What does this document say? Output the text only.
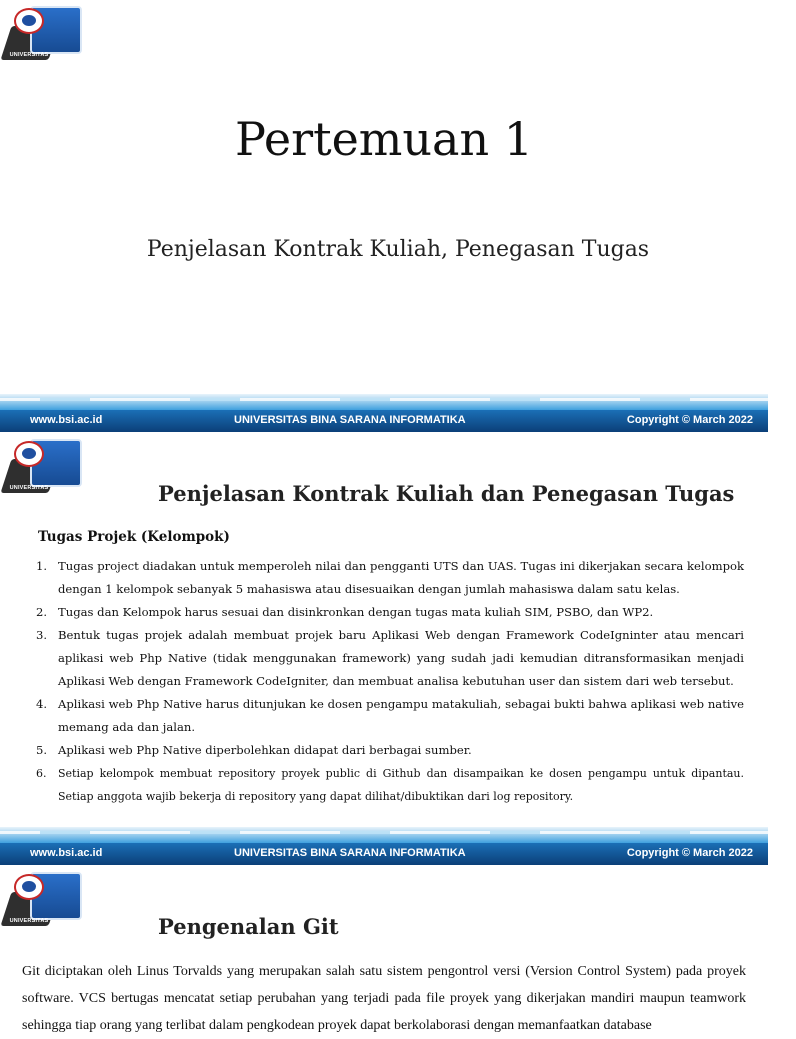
UNIVERSITAS
Pertemuan 1
Penjelasan Kontrak Kuliah, Penegasan Tugas
www.bsi.ac.id	UNIVERSITAS BINA SARANA INFORMATIKA	Copyright © March 2022
UNIVERSITAS	Penjelasan Kontrak Kuliah dan Penegasan Tugas
Tugas Projek (Kelompok)
1. Tugas project diadakan untuk memperoleh nilai dan pengganti UTS dan UAS. Tugas ini dikerjakan secara kelompok dengan 1 kelompok sebanyak 5 mahasiswa atau disesuaikan dengan jumlah mahasiswa dalam satu kelas.
2. Tugas dan Kelompok harus sesuai dan disinkronkan dengan tugas mata kuliah SIM, PSBO, dan WP2.
3. Bentuk tugas projek adalah membuat projek baru Aplikasi Web dengan Framework CodeIgninter atau mencari aplikasi web Php Native (tidak menggunakan framework) yang sudah jadi kemudian ditransformasikan menjadi Aplikasi Web dengan Framework CodeIgniter, dan membuat analisa kebutuhan user dan sistem dari web tersebut.
4. Aplikasi web Php Native harus ditunjukan ke dosen pengampu matakuliah, sebagai bukti bahwa aplikasi web native memang ada dan jalan.
5. Aplikasi web Php Native diperbolehkan didapat dari berbagai sumber.
6. Setiap kelompok membuat repository proyek public di Github dan disampaikan ke dosen pengampu untuk dipantau. Setiap anggota wajib bekerja di repository yang dapat dilihat/dibuktikan dari log repository.
www.bsi.ac.id	UNIVERSITAS BINA SARANA INFORMATIKA	Copyright © March 2022
UNIVERSITAS	Pengenalan Git

Git diciptakan oleh Linus Torvalds yang merupakan salah satu sistem pengontrol versi (Version Control System) pada proyek software. VCS bertugas mencatat setiap perubahan yang terjadi pada file proyek yang dikerjakan mandiri maupun teamwork sehingga tiap orang yang terlibat dalam pengkodean proyek dapat berkolaborasi dengan memanfaatkan database
